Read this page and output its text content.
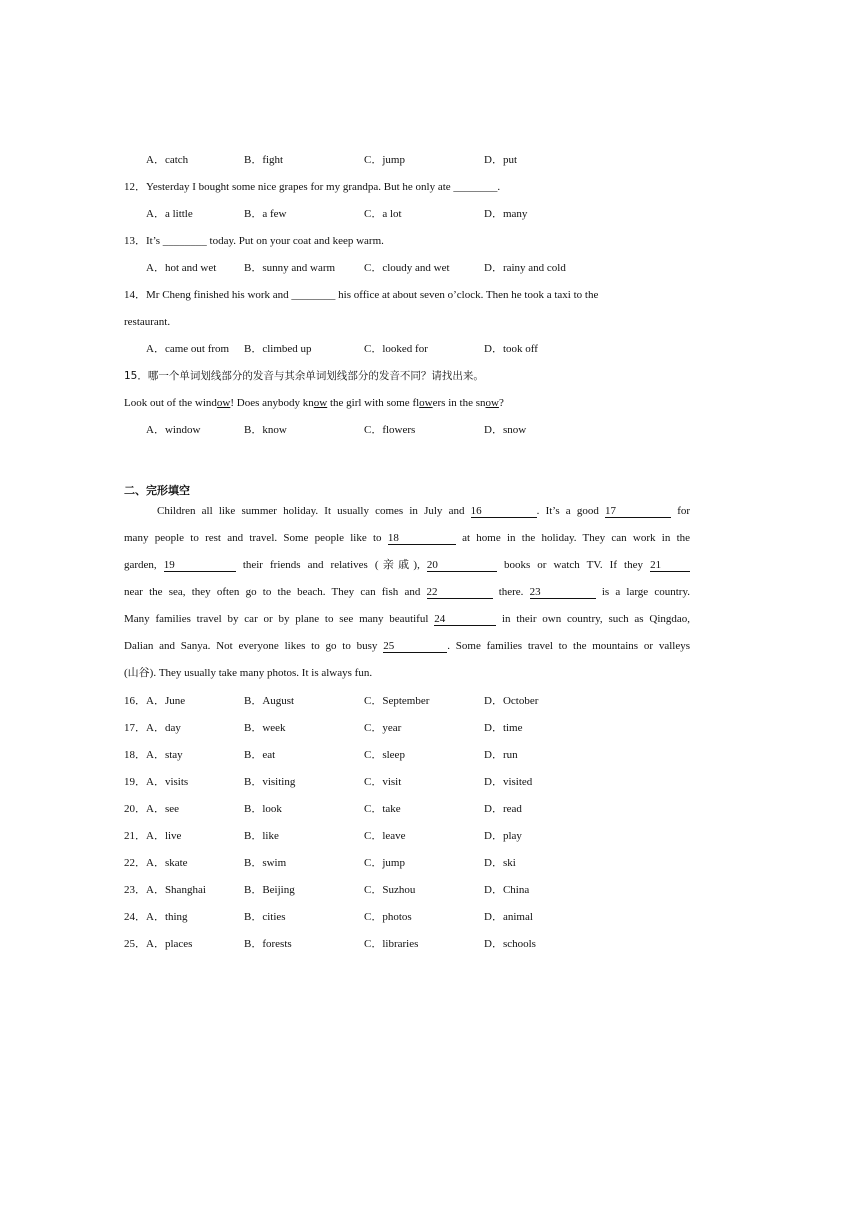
A．catch	B．fight	C．jump	D．put
12．Yesterday I bought some nice grapes for my grandpa. But he only ate ________.
A．a little	B．a few	C．a lot	D．many
13．It’s ________ today. Put on your coat and keep warm.
A．hot and wet	B．sunny and warm	C．cloudy and wet	D．rainy and cold
14．Mr Cheng finished his work and ________ his office at about seven o’clock. Then he took a taxi to the
restaurant.
A．came out from B．climbed up	C．looked for	D．took off
15．哪一个单词划线部分的发音与其余单词划线部分的发音不同？请找出来。
Look out of the window! Does anybody know the girl with some flowers in the snow?
A．window	B．know	C．flowers	D．snow
二、完形填空
Children all like summer holiday. It usually comes in July and 16	. It’s a good 17	for
many people to rest and travel. Some people like to 18	at home in the holiday. They can work in the
garden, 19	their friends and relatives (亲戚), 20	books or watch TV. If they 21
near the sea, they often go to the beach. They can fish and 22	there. 23	is a large country.
Many families travel by car or by plane to see many beautiful 24	in their own country, such as Qingdao,
Dalian and Sanya. Not everyone likes to go to busy 25	. Some families travel to the mountains or valleys
(山谷). They usually take many photos. It is always fun.
16． A．June	B．August	C．September	D．October
17． A．day	B．week	C．year	D．time
18． A．stay	B．eat	C．sleep	D．run
19． A．visits	B．visiting	C．visit	D．visited
20． A．see	B．look	C．take	D．read
21． A．live	B．like	C．leave	D．play
22． A．skate	B．swim	C．jump	D．ski
23． A．Shanghai	B．Beijing	C．Suzhou	D．China
24． A．thing	B．cities	C．photos	D．animal
25． A．places	B．forests	C．libraries	D．schools
